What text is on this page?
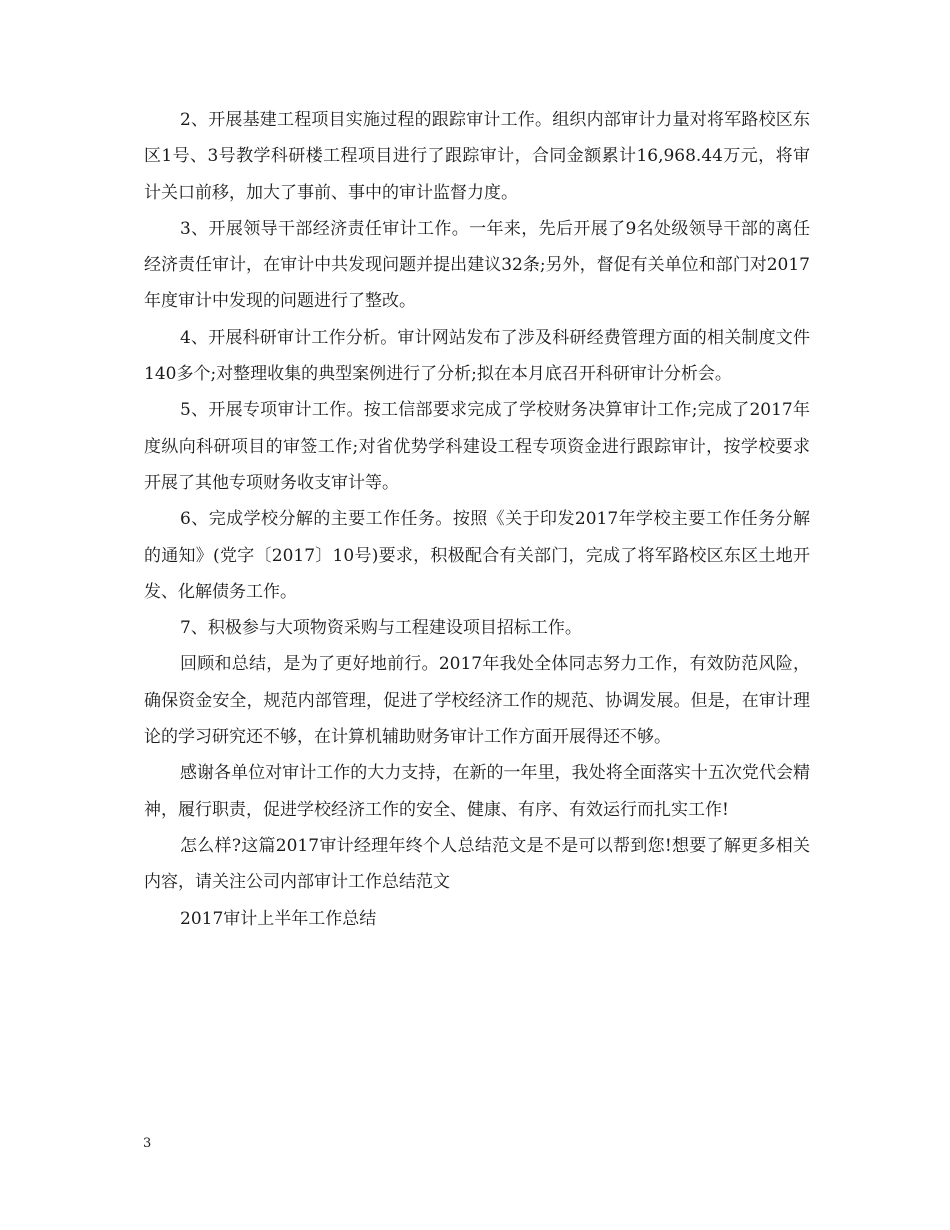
2、开展基建工程项目实施过程的跟踪审计工作。组织内部审计力量对将军路校区东区1号、3号教学科研楼工程项目进行了跟踪审计，合同金额累计16,968.44万元，将审计关口前移，加大了事前、事中的审计监督力度。

3、开展领导干部经济责任审计工作。一年来，先后开展了9名处级领导干部的离任经济责任审计，在审计中共发现问题并提出建议32条;另外，督促有关单位和部门对2017年度审计中发现的问题进行了整改。

4、开展科研审计工作分析。审计网站发布了涉及科研经费管理方面的相关制度文件140多个;对整理收集的典型案例进行了分析;拟在本月底召开科研审计分析会。

5、开展专项审计工作。按工信部要求完成了学校财务决算审计工作;完成了2017年度纵向科研项目的审签工作;对省优势学科建设工程专项资金进行跟踪审计，按学校要求开展了其他专项财务收支审计等。

6、完成学校分解的主要工作任务。按照《关于印发2017年学校主要工作任务分解的通知》(党字〔2017〕10号)要求，积极配合有关部门，完成了将军路校区东区土地开发、化解债务工作。

7、积极参与大项物资采购与工程建设项目招标工作。

回顾和总结，是为了更好地前行。2017年我处全体同志努力工作，有效防范风险，确保资金安全，规范内部管理，促进了学校经济工作的规范、协调发展。但是，在审计理论的学习研究还不够，在计算机辅助财务审计工作方面开展得还不够。

感谢各单位对审计工作的大力支持，在新的一年里，我处将全面落实十五次党代会精神，履行职责，促进学校经济工作的安全、健康、有序、有效运行而扎实工作!

怎么样?这篇2017审计经理年终个人总结范文是不是可以帮到您!想要了解更多相关内容，请关注公司内部审计工作总结范文

2017审计上半年工作总结

3
